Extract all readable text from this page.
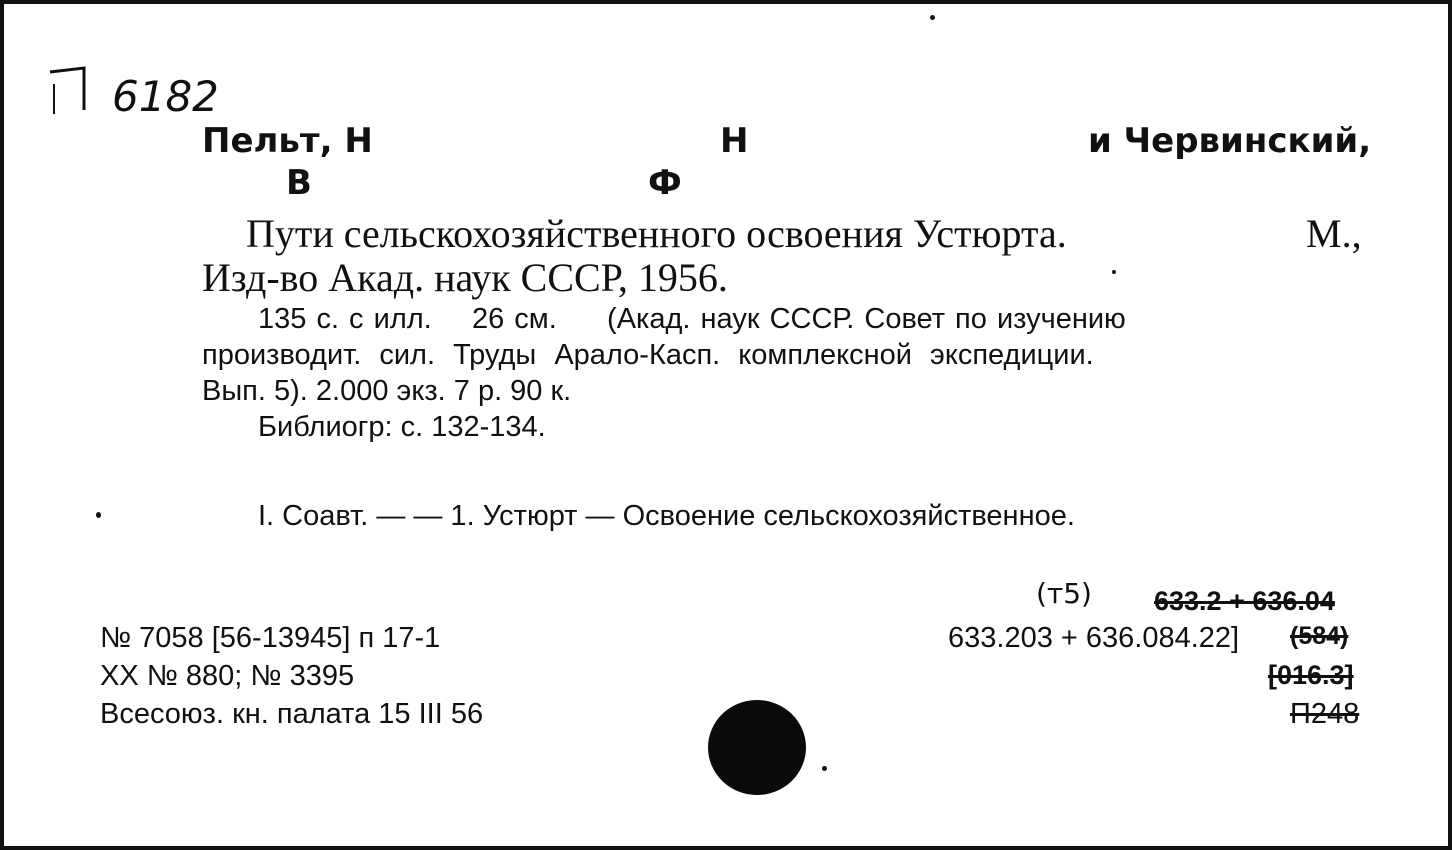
6182
Пельт, Н	Н	и Червинский,
В	Ф
Пути сельскохозяйственного освоения Устюрта.	М.,
Изд-во Акад. наук СССР, 1956.
135 с. с илл.    26 см.     (Акад. наук СССР. Совет по изучению
производит. сил. Труды Арало-Касп. комплексной экспедиции.
Вып. 5). 2.000 экз. 7 р. 90 к.
Библиогр: с. 132-134.
I. Соавт. — — 1. Устюрт — Освоение сельскохозяйственное.
№ 7058 [56-13945] п 17-1
XX № 880; № 3395
Всесоюз. кн. палата 15 III 56
(т5) 633.2 + 636.04
633.203 + 636.084.22] (584)
[016.3]
П248
